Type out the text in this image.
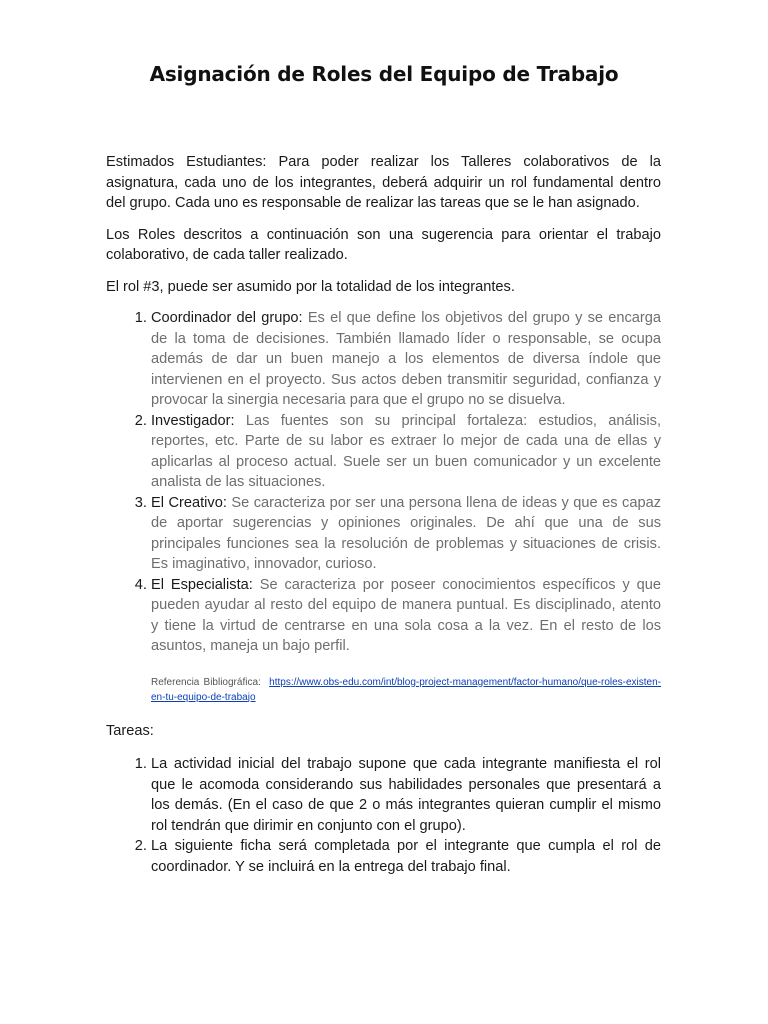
Asignación de Roles del Equipo de Trabajo

Estimados Estudiantes: Para poder realizar los Talleres colaborativos de la asignatura, cada uno de los integrantes, deberá adquirir un rol fundamental dentro del grupo. Cada uno es responsable de realizar las tareas que se le han asignado.

Los Roles descritos a continuación son una sugerencia para orientar el trabajo colaborativo, de cada taller realizado.

El rol #3, puede ser asumido por la totalidad de los integrantes.

1. Coordinador del grupo: Es el que define los objetivos del grupo y se encarga de la toma de decisiones. También llamado líder o responsable, se ocupa además de dar un buen manejo a los elementos de diversa índole que intervienen en el proyecto. Sus actos deben transmitir seguridad, confianza y provocar la sinergia necesaria para que el grupo no se disuelva.
2. Investigador: Las fuentes son su principal fortaleza: estudios, análisis, reportes, etc. Parte de su labor es extraer lo mejor de cada una de ellas y aplicarlas al proceso actual. Suele ser un buen comunicador y un excelente analista de las situaciones.
3. El Creativo: Se caracteriza por ser una persona llena de ideas y que es capaz de aportar sugerencias y opiniones originales. De ahí que una de sus principales funciones sea la resolución de problemas y situaciones de crisis. Es imaginativo, innovador, curioso.
4. El Especialista: Se caracteriza por poseer conocimientos específicos y que pueden ayudar al resto del equipo de manera puntual. Es disciplinado, atento y tiene la virtud de centrarse en una sola cosa a la vez. En el resto de los asuntos, maneja un bajo perfil.
Referencia Bibliográfica: https://www.obs-edu.com/int/blog-project-management/factor-humano/que-roles-existen-en-tu-equipo-de-trabajo

Tareas:

1. La actividad inicial del trabajo supone que cada integrante manifiesta el rol que le acomoda considerando sus habilidades personales que presentará a los demás. (En el caso de que 2 o más integrantes quieran cumplir el mismo rol tendrán que dirimir en conjunto con el grupo).
2. La siguiente ficha será completada por el integrante que cumpla el rol de coordinador. Y se incluirá en la entrega del trabajo final.
